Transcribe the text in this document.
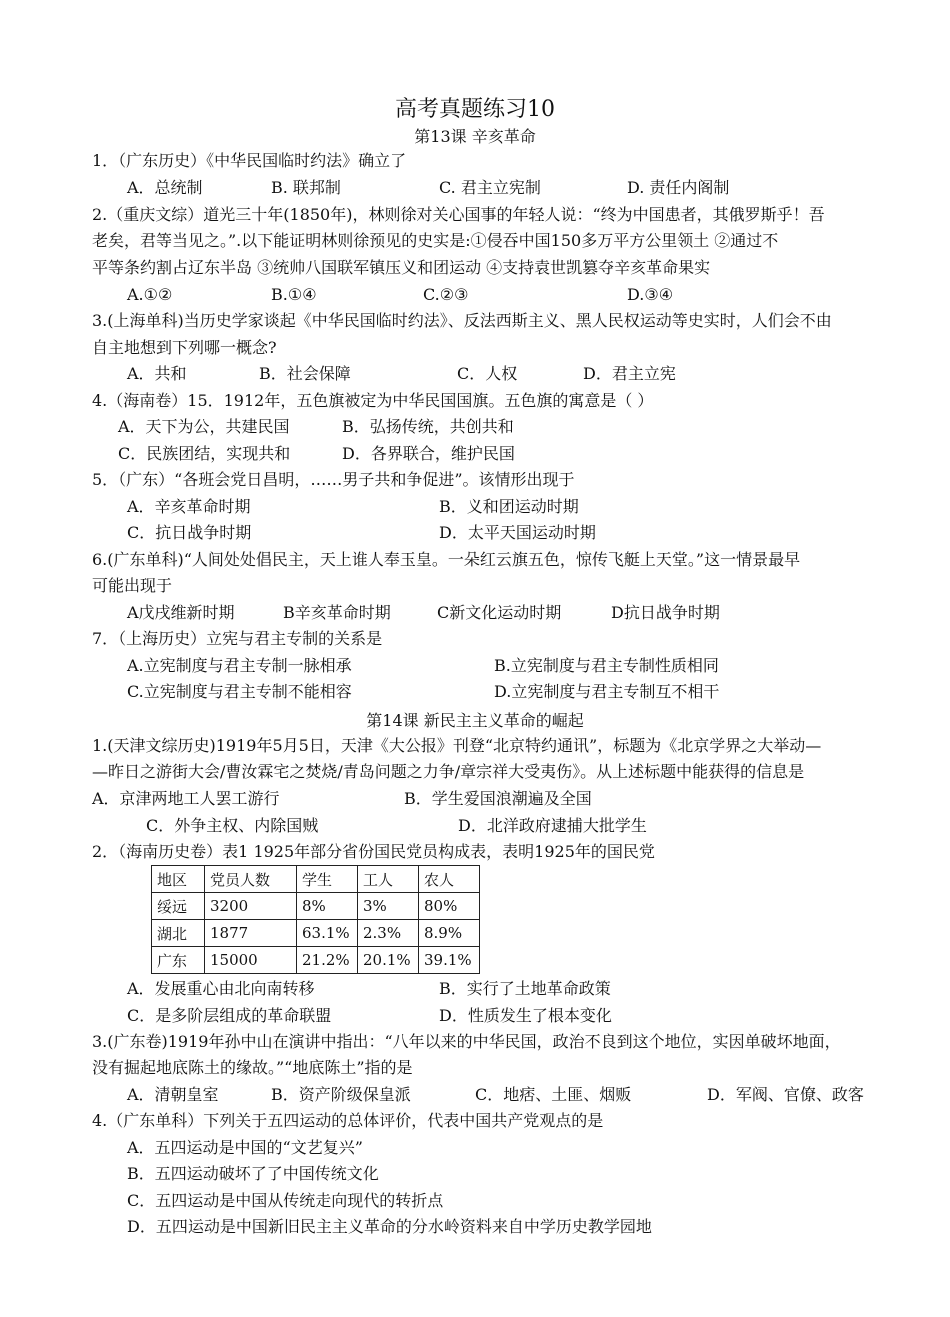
高考真题练习10
第13课 辛亥革命
1．（广东历史）《中华民国临时约法》确立了
A．总统制	B. 联邦制	C. 君主立宪制	D. 责任内阁制
2.（重庆文综）道光三十年(1850年)，林则徐对关心国事的年轻人说：“终为中国患者，其俄罗斯乎！吾
老矣，君等当见之。”.以下能证明林则徐预见的史实是:①侵吞中国150多万平方公里领土 ②通过不
平等条约割占辽东半岛 ③统帅八国联军镇压义和团运动 ④支持袁世凯篡夺辛亥革命果实
A.①②	B.①④	C.②③	D.③④
3.(上海单科)当历史学家谈起《中华民国临时约法》、反法西斯主义、黑人民权运动等史实时，人们会不由
自主地想到下列哪一概念?
A．共和	B．社会保障	C．人权	D．君主立宪
4.（海南卷）15．1912年，五色旗被定为中华民国国旗。五色旗的寓意是（ ）
A．天下为公，共建民国	B．弘扬传统，共创共和
C．民族团结，实现共和	D．各界联合，维护民国
5．（广东）“各班会党日昌明，……男子共和争促进”。该情形出现于
A．辛亥革命时期	B．义和团运动时期
C．抗日战争时期	D．太平天国运动时期
6.(广东单科)“人间处处倡民主，天上谁人奉玉皇。一朵红云旗五色，惊传飞艇上天堂。”这一情景最早
可能出现于
A戊戌维新时期	B辛亥革命时期	C新文化运动时期	D抗日战争时期
7．（上海历史）立宪与君主专制的关系是
A.立宪制度与君主专制一脉相承	B.立宪制度与君主专制性质相同
C.立宪制度与君主专制不能相容	D.立宪制度与君主专制互不相干
第14课 新民主主义革命的崛起
1.(天津文综历史)1919年5月5日，天津《大公报》刊登“北京特约通讯”，标题为《北京学界之大举动—
—昨日之游街大会/曹汝霖宅之焚烧/青岛问题之力争/章宗祥大受夷伤》。从上述标题中能获得的信息是
A．京津两地工人罢工游行	B．学生爱国浪潮遍及全国
C．外争主权、内除国贼	D．北洋政府逮捕大批学生
2．（海南历史卷）表1 1925年部分省份国民党员构成表，表明1925年的国民党
地区	党员人数	学生	工人	农人
绥远	3200	8%	3%	80%
湖北	1877	63.1%	2.3%	8.9%
广东	15000	21.2%	20.1%	39.1%
A．发展重心由北向南转移	B．实行了土地革命政策
C．是多阶层组成的革命联盟	D．性质发生了根本变化
3.(广东卷)1919年孙中山在演讲中指出：“八年以来的中华民国，政治不良到这个地位，实因单破坏地面，
没有掘起地底陈土的缘故。”“地底陈土”指的是
A．清朝皇室	B．资产阶级保皇派	C．地痞、土匪、烟贩	D．军阀、官僚、政客
4.（广东单科）下列关于五四运动的总体评价，代表中国共产党观点的是
A．五四运动是中国的“文艺复兴”
B．五四运动破坏了了中国传统文化
C．五四运动是中国从传统走向现代的转折点
D．五四运动是中国新旧民主主义革命的分水岭资料来自中学历史教学园地
